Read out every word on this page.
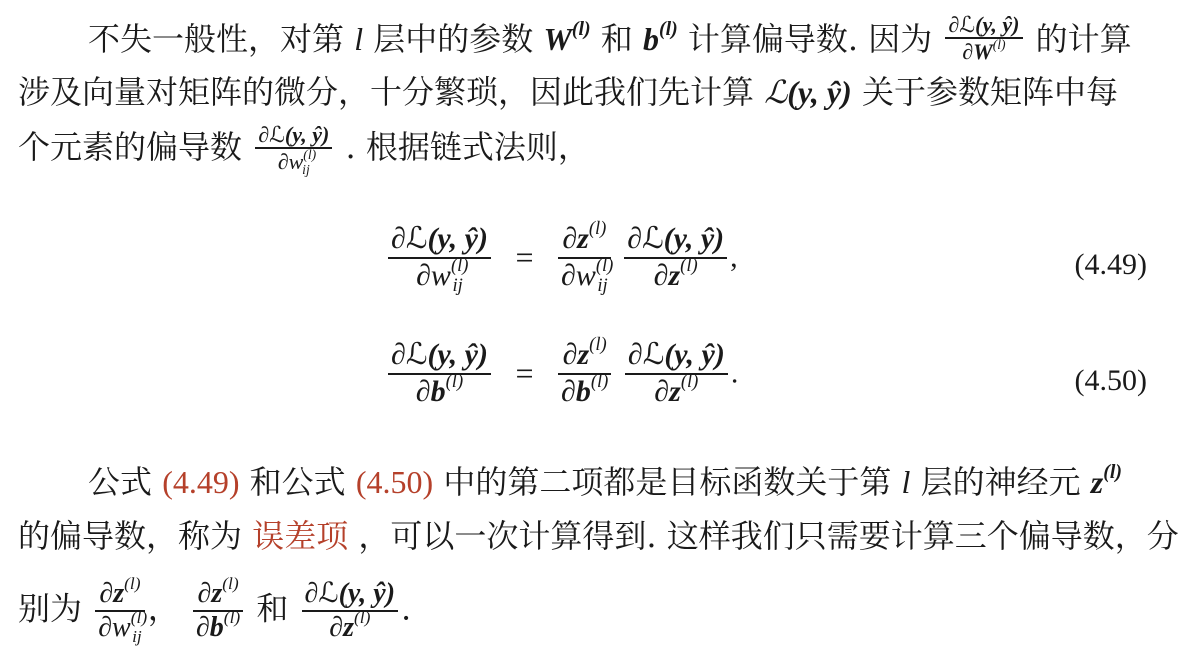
不失一般性，对第 l 层中的参数 $W^{(l)}$ 和 $b^{(l)}$ 计算偏导数. 因为 $\frac{\text{∂ℒ(y, ŷ)}}{\partial W^{(l)}}$ 的计算
涉及向量对矩阵的微分，十分繁琐，因此我们先计算 ℒ(y, ŷ) 关于参数矩阵中每
个元素的偏导数 $\frac{\text{∂ℒ(y, ŷ)}}{\partial w^{(l)}_{ij}}$ . 根据链式法则，
$\frac{\text{∂ℒ(y, ŷ)}}{\partial w^{(l)}_{ij}} = \frac{\partial z^{(l)}}{\partial w^{(l)}_{ij}}$
$\frac{\text{∂ℒ(y, ŷ)}}{\partial z^{(l)}}$ ,	(4.49)
$\frac{\text{∂ℒ(y, ŷ)}}{\partial b^{(l)}} = \frac{\partial z^{(l)}}{\partial b^{(l)}}$
$\frac{\text{∂ℒ(y, ŷ)}}{\partial z^{(l)}}$ .	(4.50)
公式 (4.49) 和公式 (4.50) 中的第二项都是目标函数关于第 l 层的神经元 $z^{(l)}$
的偏导数，称为 误差项 ，可以一次计算得到. 这样我们只需要计算三个偏导数，分
别为 $\frac{\partial z^{(l)}}{\partial w^{(l)}_{ij}}$ ， $\frac{\partial z^{(l)}}{\partial b^{(l)}}$ 和 $\frac{\text{∂ℒ(y, ŷ)}}{\partial z^{(l)}}$ .
